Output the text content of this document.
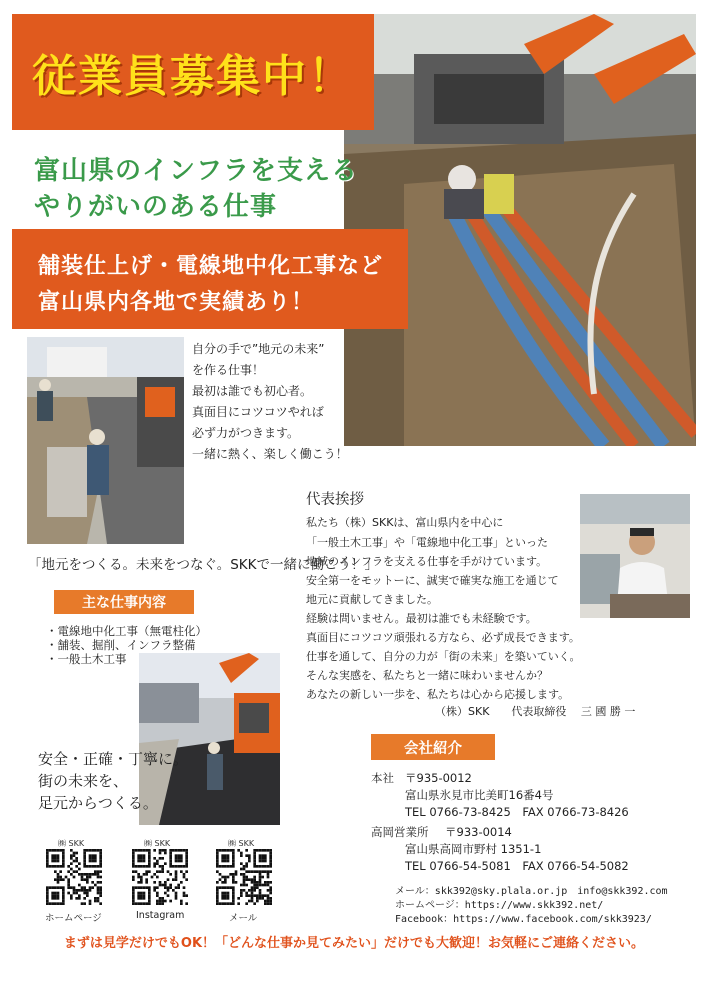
従業員募集中！
富山県のインフラを支える
やりがいのある仕事
舗装仕上げ・電線地中化工事など
富山県内各地で実績あり！
自分の手で”地元の未来”
を作る仕事！
最初は誰でも初心者。
真面目にコツコツやれば
必ず力がつきます。
一緒に熱く、楽しく働こう！
「地元をつくる。未来をつなぐ。SKKで一緒に働こう！」
主な仕事内容
・電線地中化工事（無電柱化）
・舗装、掘削、インフラ整備
・一般土木工事
安全・正確・丁寧に。
街の未来を、
足元からつくる。
㈱ SKK
ホームページ
㈱ SKK
Instagram
㈱ SKK
メール
代表挨拶
私たち（株）SKKは、富山県内を中心に
「一般土木工事」や「電線地中化工事」といった
地域のインフラを支える仕事を手がけています。
安全第一をモットーに、誠実で確実な施工を通じて
地元に貢献してきました。
経験は問いません。最初は誰でも未経験です。
真面目にコツコツ頑張れる方なら、必ず成長できます。
仕事を通して、自分の力が「街の未来」を築いていく。
そんな実感を、私たちと一緒に味わいませんか？
あなたの新しい一歩を、私たちは心から応援します。
（株）SKK　　代表取締役　 三 國 勝 一
会社紹介
本社 〒935-0012
富山県氷見市比美町16番4号
TEL 0766-73-8425　FAX 0766-73-8426
高岡営業所 〒933-0014
富山県高岡市野村 1351-1
TEL 0766-54-5081　FAX 0766-54-5082
メール：skk392@sky.plala.or.jp　info@skk392.com
ホームページ：https://www.skk392.net/
Facebook：https://www.facebook.com/skk3923/
まずは見学だけでもOK！「どんな仕事か見てみたい」だけでも大歓迎！お気軽にご連絡ください。
